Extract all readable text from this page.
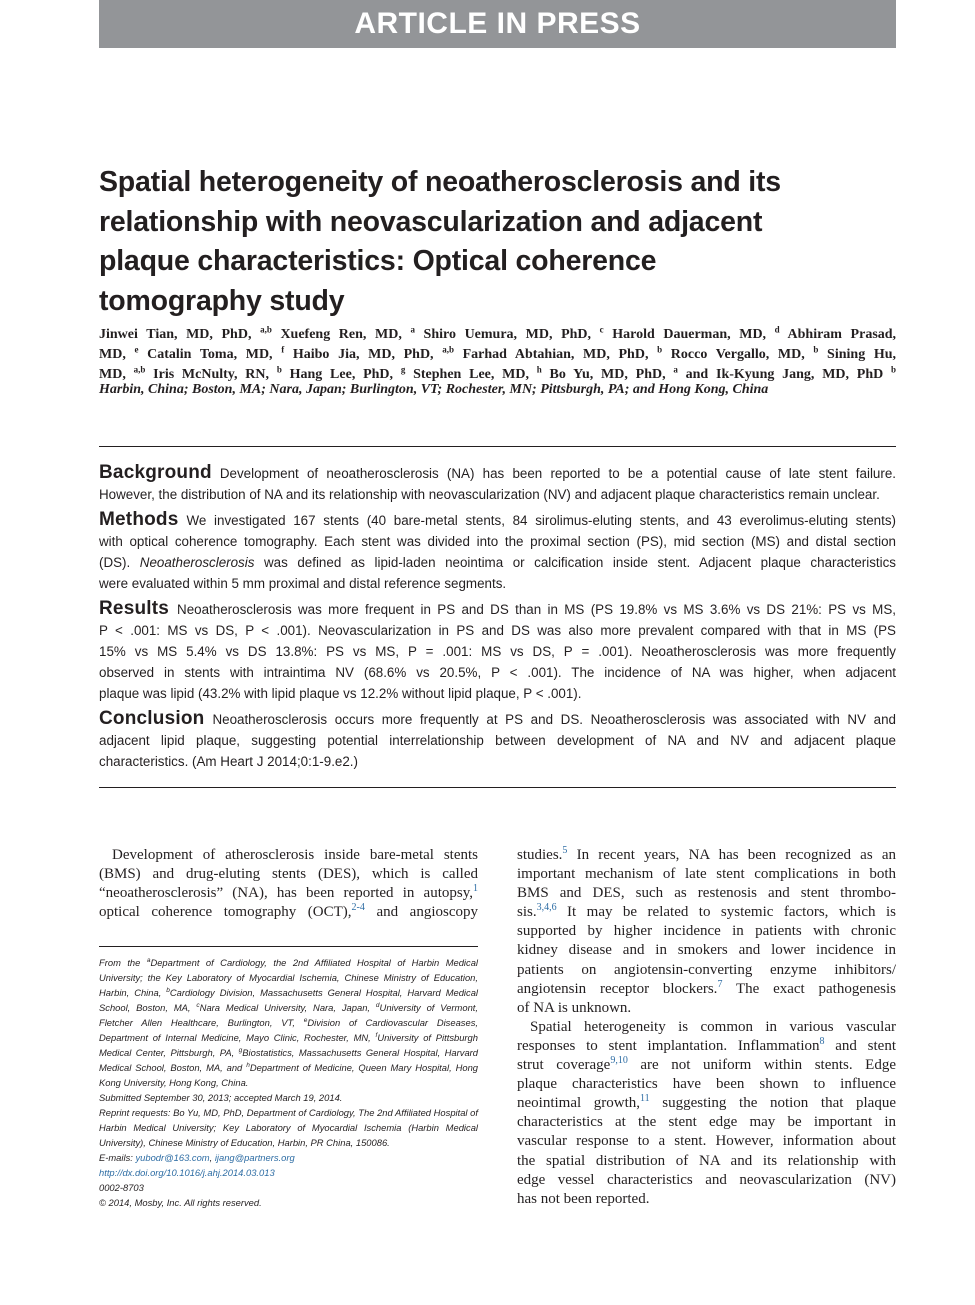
ARTICLE IN PRESS
Spatial heterogeneity of neoatherosclerosis and its
relationship with neovascularization and adjacent
plaque characteristics: Optical coherence
tomography study
Jinwei Tian, MD, PhD, $^{a,b}$ Xuefeng Ren, MD, $^a$ Shiro Uemura, MD, PhD, $^c$ Harold Dauerman, MD, $^d$ Abhiram Prasad,
MD, $^e$ Catalin Toma, MD, $^f$ Haibo Jia, MD, PhD, $^{a,b}$ Farhad Abtahian, MD, PhD, $^b$ Rocco Vergallo, MD, $^b$ Sining Hu,
MD, $^{a,b}$ Iris McNulty, RN, $^b$ Hang Lee, PhD, $^g$ Stephen Lee, MD, $^h$ Bo Yu, MD, PhD, $^a$ and Ik-Kyung Jang, MD, PhD $^b$
Harbin, China; Boston, MA; Nara, Japan; Burlington, VT; Rochester, MN; Pittsburgh, PA; and Hong Kong, China
Background Development of neoatherosclerosis (NA) has been reported to be a potential cause of late stent failure.
However, the distribution of NA and its relationship with neovascularization (NV) and adjacent plaque characteristics remain unclear.
Methods We investigated 167 stents (40 bare-metal stents, 84 sirolimus-eluting stents, and 43 everolimus-eluting stents)
with optical coherence tomography. Each stent was divided into the proximal section (PS), mid section (MS) and distal section
(DS). Neoatherosclerosis was defined as lipid-laden neointima or calcification inside stent. Adjacent plaque characteristics
were evaluated within 5 mm proximal and distal reference segments.
Results Neoatherosclerosis was more frequent in PS and DS than in MS (PS 19.8% vs MS 3.6% vs DS 21%: PS vs MS,
P < .001: MS vs DS, P < .001). Neovascularization in PS and DS was also more prevalent compared with that in MS (PS
15% vs MS 5.4% vs DS 13.8%: PS vs MS, P = .001: MS vs DS, P = .001). Neoatherosclerosis was more frequently
observed in stents with intraintima NV (68.6% vs 20.5%, P < .001). The incidence of NA was higher, when adjacent
plaque was lipid (43.2% with lipid plaque vs 12.2% without lipid plaque, P < .001).
Conclusion Neoatherosclerosis occurs more frequently at PS and DS. Neoatherosclerosis was associated with NV and
adjacent lipid plaque, suggesting potential interrelationship between development of NA and NV and adjacent plaque
characteristics. (Am Heart J 2014;0:1-9.e2.)
Development of atherosclerosis inside bare-metal stents
(BMS) and drug-eluting stents (DES), which is called
“neoatherosclerosis” (NA), has been reported in autopsy,$^1$
optical coherence tomography (OCT),$^{2-4}$ and angioscopy
From the $^a$Department of Cardiology, the 2nd Affiliated Hospital of Harbin Medical
University; the Key Laboratory of Myocardial Ischemia, Chinese Ministry of Education,
Harbin, China, $^b$Cardiology Division, Massachusetts General Hospital, Harvard Medical
School, Boston, MA, $^c$Nara Medical University, Nara, Japan, $^d$University of Vermont,
Fletcher Allen Healthcare, Burlington, VT, $^e$Division of Cardiovascular Diseases,
Department of Internal Medicine, Mayo Clinic, Rochester, MN, $^f$University of Pittsburgh
Medical Center, Pittsburgh, PA, $^g$Biostatistics, Massachusetts General Hospital, Harvard
Medical School, Boston, MA, and $^h$Department of Medicine, Queen Mary Hospital, Hong
Kong University, Hong Kong, China.
Submitted September 30, 2013; accepted March 19, 2014.
Reprint requests: Bo Yu, MD, PhD, Department of Cardiology, The 2nd Affiliated Hospital of
Harbin Medical University; Key Laboratory of Myocardial Ischemia (Harbin Medical
University), Chinese Ministry of Education, Harbin, PR China, 150086.
E-mails: yubodr@163.com, ijang@partners.org
http://dx.doi.org/10.1016/j.ahj.2014.03.013
0002-8703
© 2014, Mosby, Inc. All rights reserved.
studies.$^5$ In recent years, NA has been recognized as an
important mechanism of late stent complications in both
BMS and DES, such as restenosis and stent thrombo-
sis.$^{3,4,6}$ It may be related to systemic factors, which is
supported by higher incidence in patients with chronic
kidney disease and in smokers and lower incidence in
patients on angiotensin-converting enzyme inhibitors/
angiotensin receptor blockers.$^7$ The exact pathogenesis
of NA is unknown.
Spatial heterogeneity is common in various vascular
responses to stent implantation. Inflammation$^8$ and stent
strut coverage$^{9,10}$ are not uniform within stents. Edge
plaque characteristics have been shown to influence
neointimal growth,$^{11}$ suggesting the notion that plaque
characteristics at the stent edge may be important in
vascular response to a stent. However, information about
the spatial distribution of NA and its relationship with
edge vessel characteristics and neovascularization (NV)
has not been reported.
